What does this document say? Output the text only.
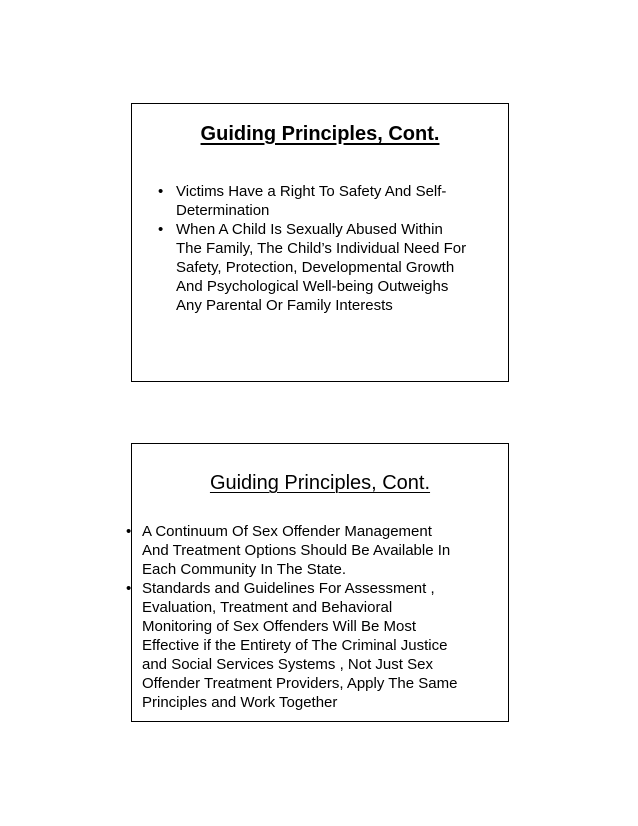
Guiding Principles, Cont.
• Victims Have a Right To Safety And Self-
Determination
• When A Child Is Sexually Abused Within
The Family, The Child’s Individual Need For
Safety, Protection, Developmental Growth
And Psychological Well-being Outweighs
Any Parental Or Family Interests
Guiding Principles, Cont.
• A Continuum Of Sex Offender Management
And Treatment Options Should Be Available In
Each Community In The State.
• Standards and Guidelines For Assessment ,
Evaluation, Treatment and Behavioral
Monitoring of Sex Offenders Will Be Most
Effective if the Entirety of The Criminal Justice
and Social Services Systems , Not Just Sex
Offender Treatment Providers, Apply The Same
Principles and Work Together
